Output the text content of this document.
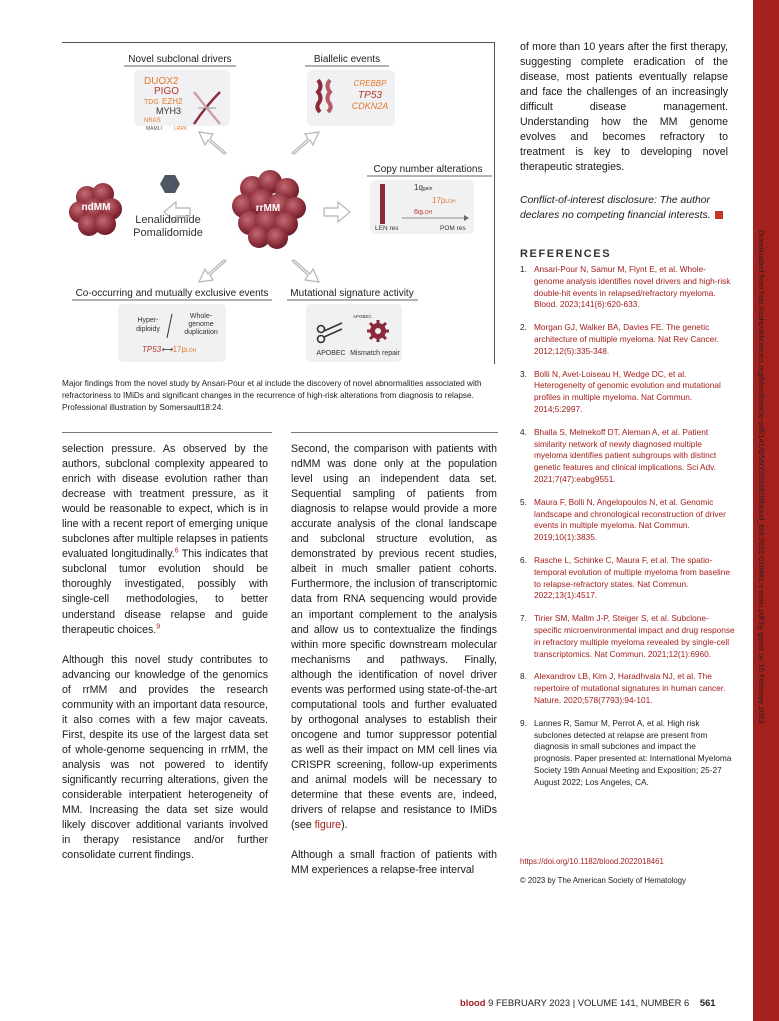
Downloaded from http://ashpublications.org/blood/article-pdf/141/6/560/2033828/blood_bld-2022-018461-c-main.pdf by guest on 15 February 2023
Novel subclonal drivers	Biallelic events
DUOX2
PIGO
TDG EZH2
MYH3
NRAS
MAMLI LRRK
CREBBP
TP53
CDKN2A
ndMM
Lenalidomide
Pomalidomide
rrMM
Copy number alterations
1qgain
17pLOH
6qLOH
LEN res	POM res
Co-occurring and mutually exclusive events Mutational signature activity
Hyper-
diploidy
Whole-
genome
duplication
TP53⟷17pLOH
APOBEC
APOBEC Mismatch repair

Major findings from the novel study by Ansari-Pour et al include the discovery of novel abnormalities associated with refractoriness to IMiDs and significant changes in the recurrence of high-risk alterations from diagnosis to relapse. Professional illustration by Somersault18:24.

selection pressure. As observed by the authors, subclonal complexity appeared to enrich with disease evolution rather than decrease with treatment pressure, as it would be reasonable to expect, which is in line with a recent report of emerging unique subclones after multiple relapses in patients evaluated longitudinally.$^6$ This indicates that subclonal tumor evolution should be thoroughly investigated, possibly with single-cell methodologies, to better understand disease relapse and guide therapeutic choices.$^9$

Although this novel study contributes to advancing our knowledge of the genomics of rrMM and provides the research community with an important data resource, it also comes with a few major caveats. First, despite its use of the largest data set of whole-genome sequencing in rrMM, the analysis was not powered to identify significantly recurring alterations, given the considerable interpatient heterogeneity of MM. Increasing the data set size would likely discover additional variants involved in therapy resistance and/or further consolidate current findings.

Second, the comparison with patients with ndMM was done only at the population level using an independent data set. Sequential sampling of patients from diagnosis to relapse would provide a more accurate analysis of the clonal landscape and subclonal structure evolution, as demonstrated by previous recent studies, albeit in much smaller patient cohorts. Furthermore, the inclusion of transcriptomic data from RNA sequencing would provide an important complement to the analysis and allow us to contextualize the findings within more specific downstream molecular mechanisms and pathways. Finally, although the identification of novel driver events was performed using state-of-the-art computational tools and further evaluated by orthogonal analyses to establish their oncogene and tumor suppressor potential as well as their impact on MM cell lines via CRISPR screening, follow-up experiments and animal models will be necessary to determine that these events are, indeed, drivers of relapse and resistance to IMiDs (see figure).

Although a small fraction of patients with MM experiences a relapse-free interval

of more than 10 years after the first therapy, suggesting complete eradication of the disease, most patients eventually relapse and face the challenges of an increasingly difficult disease management. Understanding how the MM genome evolves and becomes refractory to treatment is key to developing novel therapeutic strategies.

Conflict-of-interest disclosure: The author declares no competing financial interests.

REFERENCES
1. Ansari-Pour N, Samur M, Flynt E, et al. Whole-genome analysis identifies novel drivers and high-risk double-hit events in relapsed/refractory myeloma. Blood. 2023;141(6):620-633.
2. Morgan GJ, Walker BA, Davies FE. The genetic architecture of multiple myeloma. Nat Rev Cancer. 2012;12(5):335-348.
3. Bolli N, Avet-Loiseau H, Wedge DC, et al. Heterogeneity of genomic evolution and mutational profiles in multiple myeloma. Nat Commun. 2014;5:2997.
4. Bhalla S, Melnekoff DT, Aleman A, et al. Patient similarity network of newly diagnosed multiple myeloma identifies patient subgroups with distinct genetic features and clinical implications. Sci Adv. 2021;7(47):eabg9551.
5. Maura F, Bolli N, Angelopoulos N, et al. Genomic landscape and chronological reconstruction of driver events in multiple myeloma. Nat Commun. 2019;10(1):3835.
6. Rasche L, Schinke C, Maura F, et al. The spatio-temporal evolution of multiple myeloma from baseline to relapse-refractory states. Nat Commun. 2022;13(1):4517.
7. Tirier SM, Mallm J-P, Steiger S, et al. Subclone-specific microenvironmental impact and drug response in refractory multiple myeloma revealed by single-cell transcriptomics. Nat Commun. 2021;12(1):6960.
8. Alexandrov LB, Kim J, Haradhvala NJ, et al. The repertoire of mutational signatures in human cancer. Nature. 2020;578(7793):94-101.
9. Lannes R, Samur M, Perrot A, et al. High risk subclones detected at relapse are present from diagnosis in small subclones and impact the prognosis. Paper presented at: International Myeloma Society 19th Annual Meeting and Exposition; 25-27 August 2022; Los Angeles, CA.

https://doi.org/10.1182/blood.2022018461

© 2023 by The American Society of Hematology

blood 9 FEBRUARY 2023 | VOLUME 141, NUMBER 6 561
